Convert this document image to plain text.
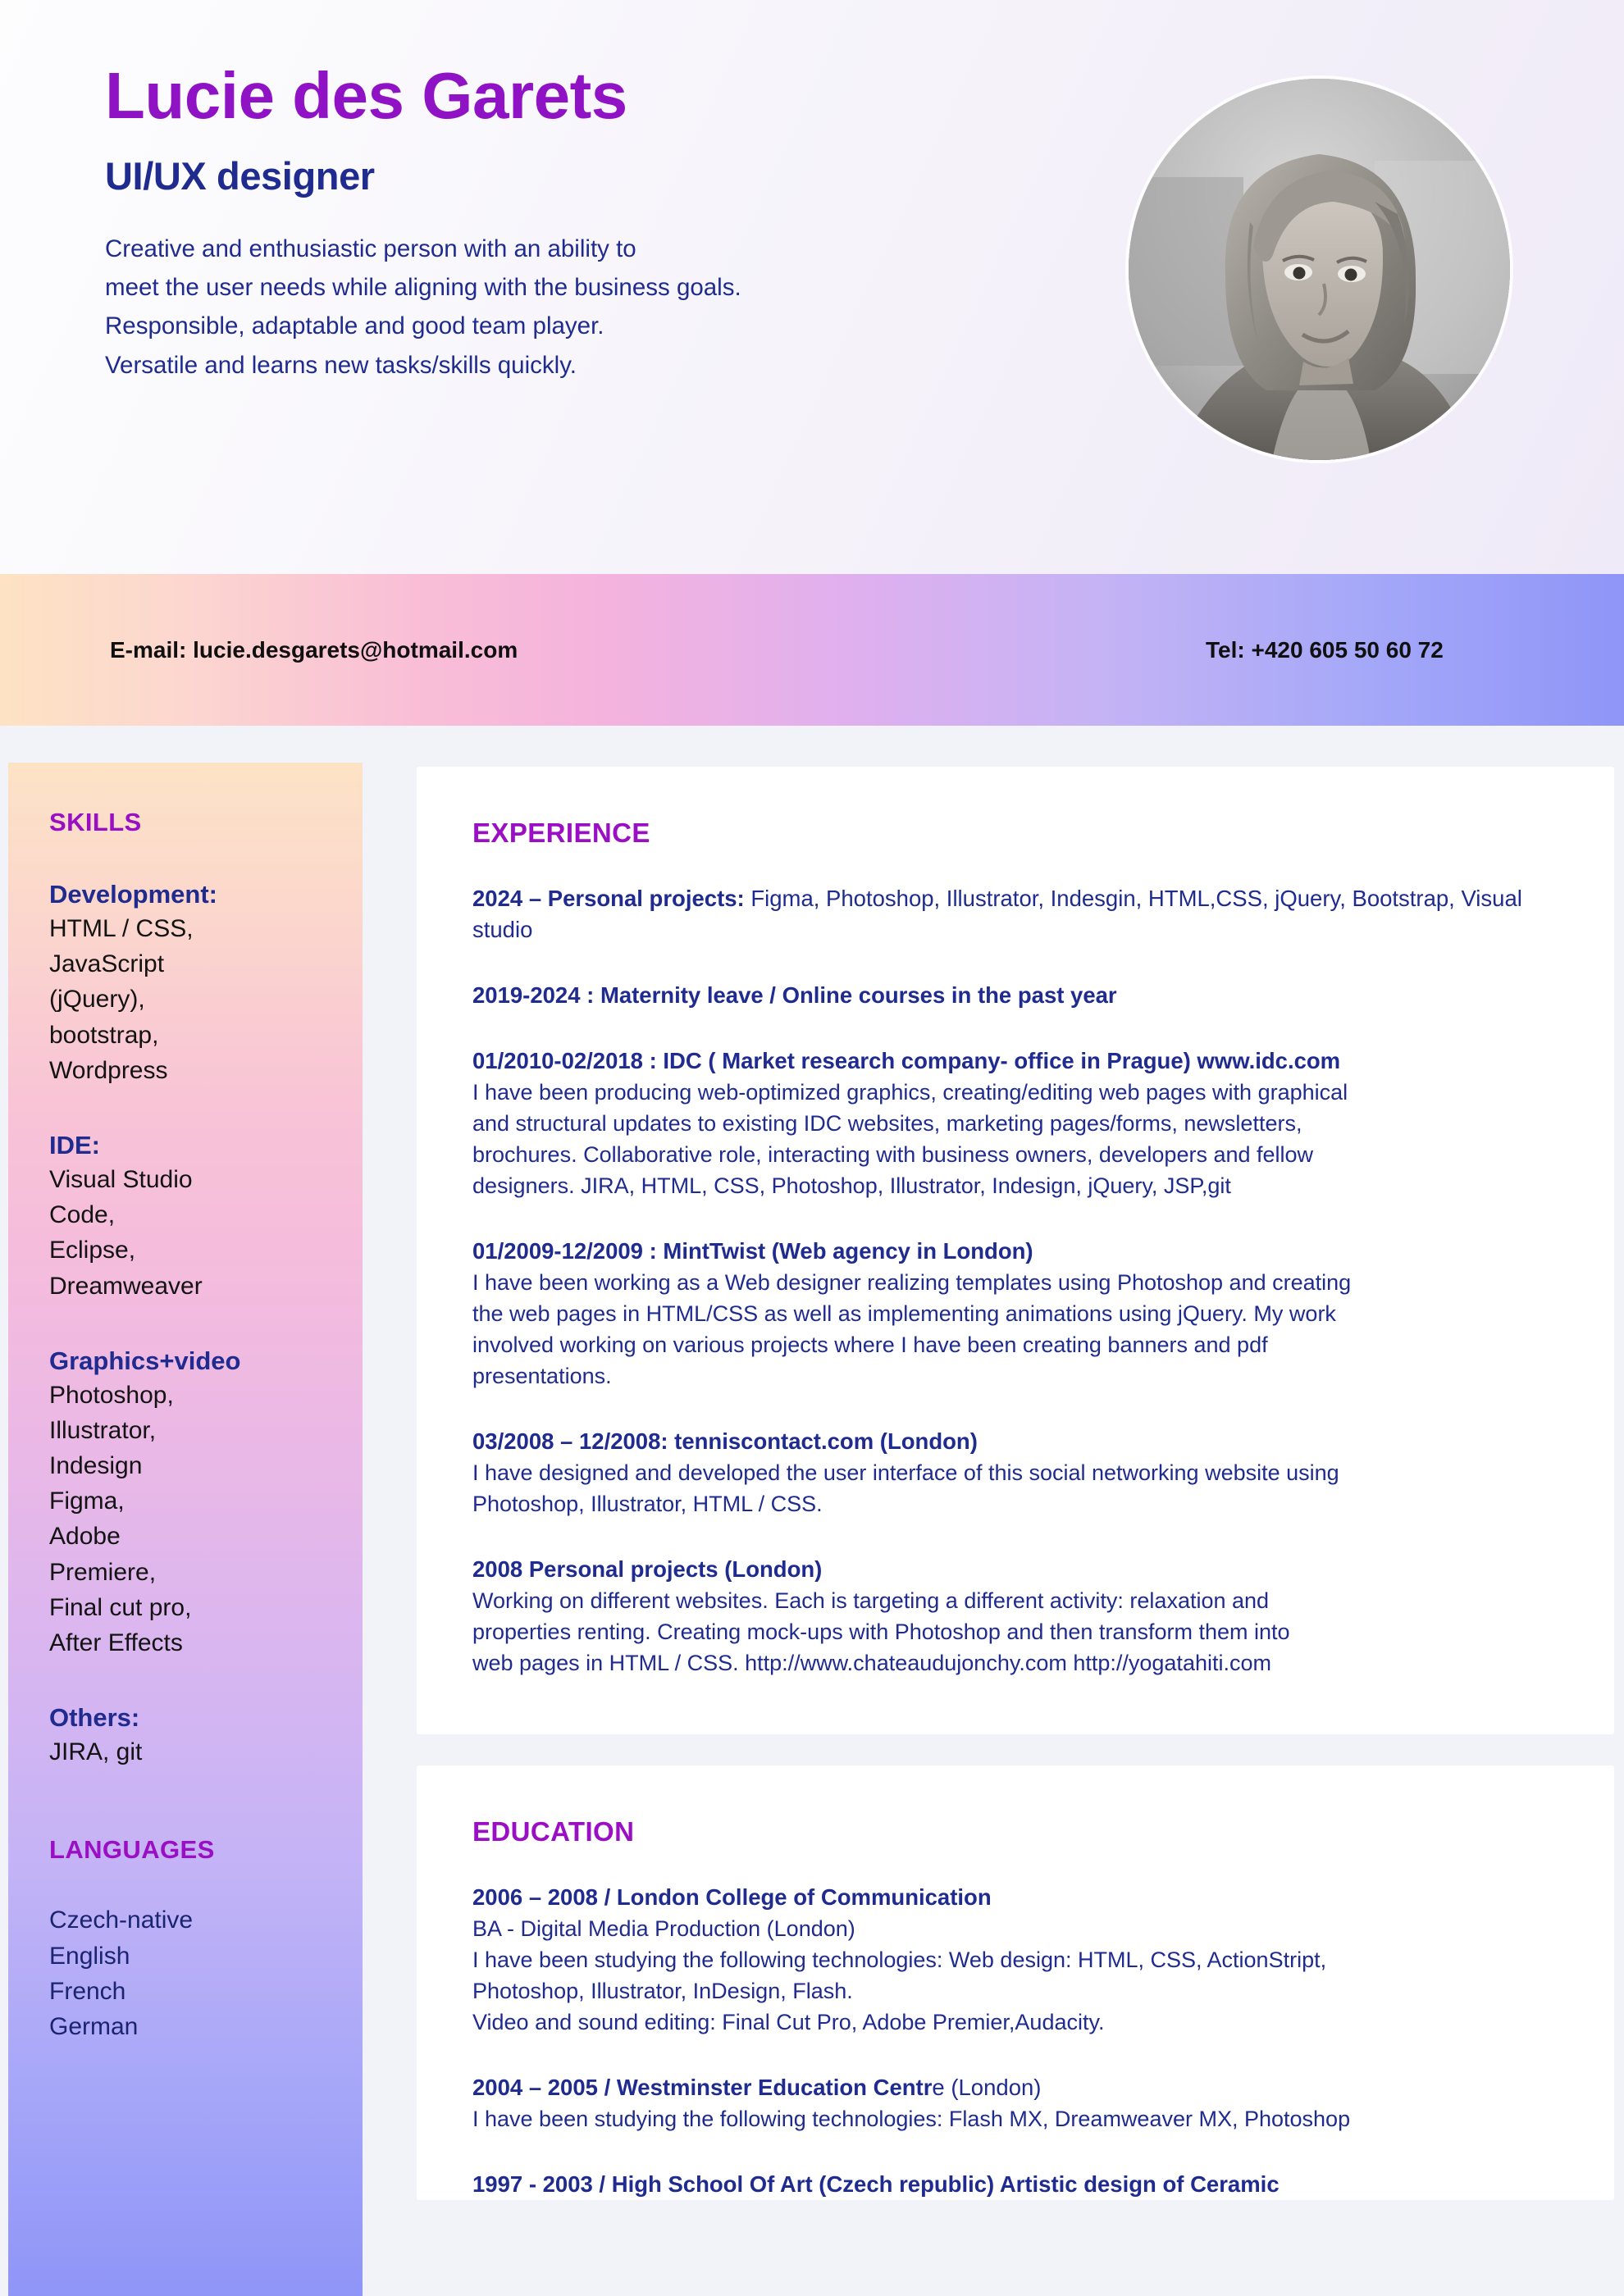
Lucie des Garets
UI/UX designer
Creative and enthusiastic person with an ability to
meet the user needs while aligning with the business goals.
Responsible, adaptable and good team player.
Versatile and learns new tasks/skills quickly.
E-mail: lucie.desgarets@hotmail.com	Tel: +420 605 50 60 72
SKILLS
Development:
HTML / CSS,
JavaScript
(jQuery),
bootstrap,
Wordpress
IDE:
Visual Studio
Code,
Eclipse,
Dreamweaver
Graphics+video
Photoshop,
Illustrator,
Indesign
Figma,
Adobe
Premiere,
Final cut pro,
After Effects
Others:
JIRA, git
LANGUAGES
Czech-native
English
French
German
EXPERIENCE
2024 – Personal projects: Figma, Photoshop, Illustrator, Indesgin, HTML,CSS, jQuery, Bootstrap, Visual studio
2019-2024 : Maternity leave / Online courses in the past year
01/2010-02/2018 : IDC ( Market research company- office in Prague) www.idc.com
I have been producing web-optimized graphics, creating/editing web pages with graphical
and structural updates to existing IDC websites, marketing pages/forms, newsletters,
brochures. Collaborative role, interacting with business owners, developers and fellow
designers. JIRA, HTML, CSS, Photoshop, Illustrator, Indesign, jQuery, JSP,git
01/2009-12/2009 : MintTwist (Web agency in London)
I have been working as a Web designer realizing templates using Photoshop and creating
the web pages in HTML/CSS as well as implementing animations using jQuery. My work
involved working on various projects where I have been creating banners and pdf
presentations.
03/2008 – 12/2008: tenniscontact.com (London)
I have designed and developed the user interface of this social networking website using
Photoshop, Illustrator, HTML / CSS.
2008 Personal projects (London)
Working on different websites. Each is targeting a different activity: relaxation and
properties renting. Creating mock-ups with Photoshop and then transform them into
web pages in HTML / CSS. http://www.chateaudujonchy.com http://yogatahiti.com
EDUCATION
2006 – 2008 / London College of Communication
BA - Digital Media Production (London)
I have been studying the following technologies: Web design: HTML, CSS, ActionStript,
Photoshop, Illustrator, InDesign, Flash.
Video and sound editing: Final Cut Pro, Adobe Premier,Audacity.
2004 – 2005 / Westminster Education Centre (London)
I have been studying the following technologies: Flash MX, Dreamweaver MX, Photoshop
1997 - 2003 / High School Of Art (Czech republic) Artistic design of Ceramic
